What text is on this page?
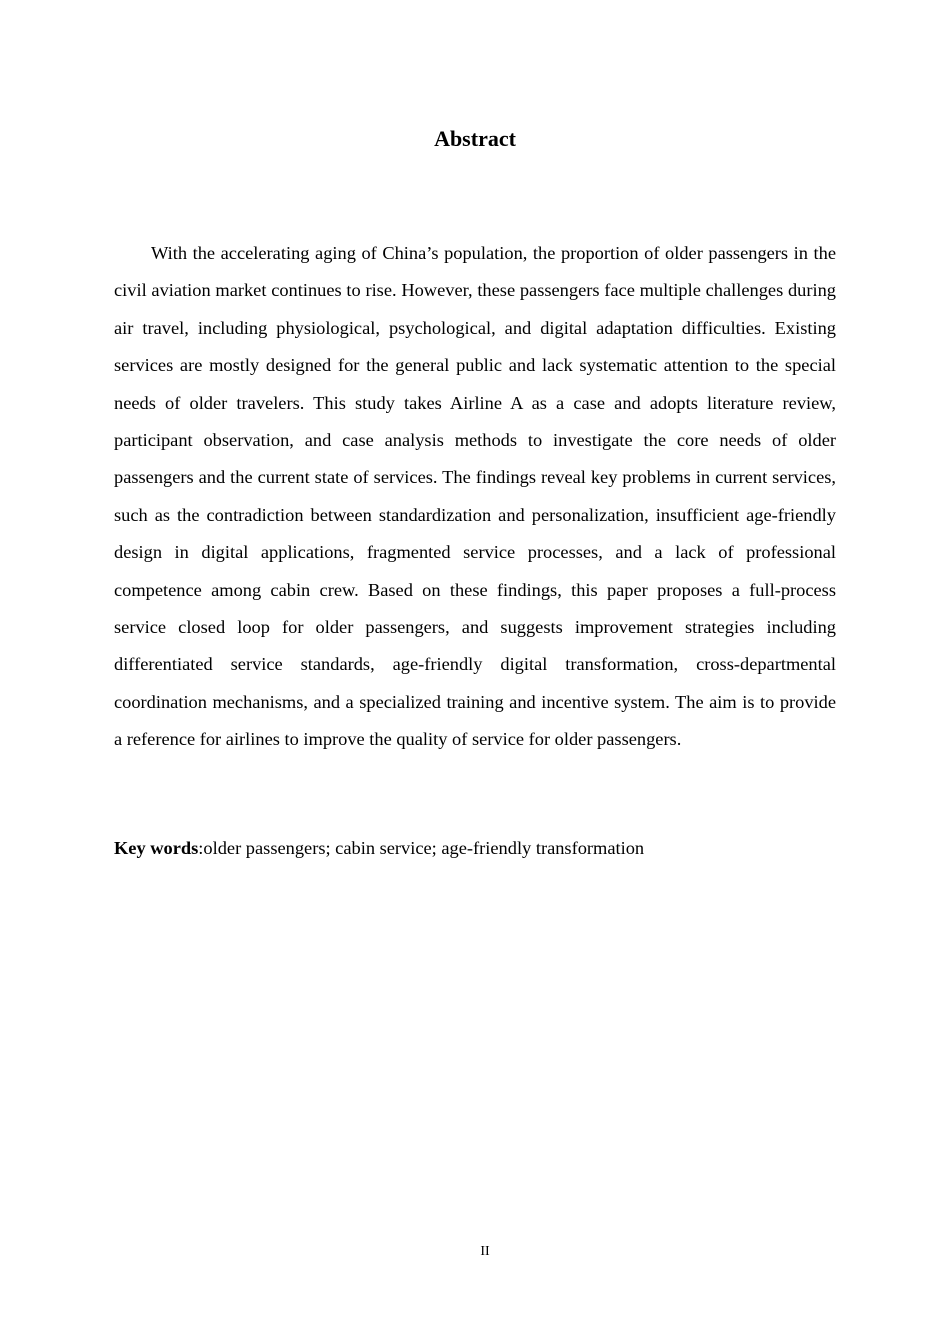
Abstract

With the accelerating aging of China’s population, the proportion of older passengers in the civil aviation market continues to rise. However, these passengers face multiple challenges during air travel, including physiological, psychological, and digital adaptation difficulties. Existing services are mostly designed for the general public and lack systematic attention to the special needs of older travelers. This study takes Airline A as a case and adopts literature review, participant observation, and case analysis methods to investigate the core needs of older passengers and the current state of services. The findings reveal key problems in current services, such as the contradiction between standardization and personalization, insufficient age-friendly design in digital applications, fragmented service processes, and a lack of professional competence among cabin crew. Based on these findings, this paper proposes a full-process service closed loop for older passengers, and suggests improvement strategies including differentiated service standards, age-friendly digital transformation, cross-departmental coordination mechanisms, and a specialized training and incentive system. The aim is to provide a reference for airlines to improve the quality of service for older passengers.

Key words:older passengers; cabin service; age-friendly transformation

II
